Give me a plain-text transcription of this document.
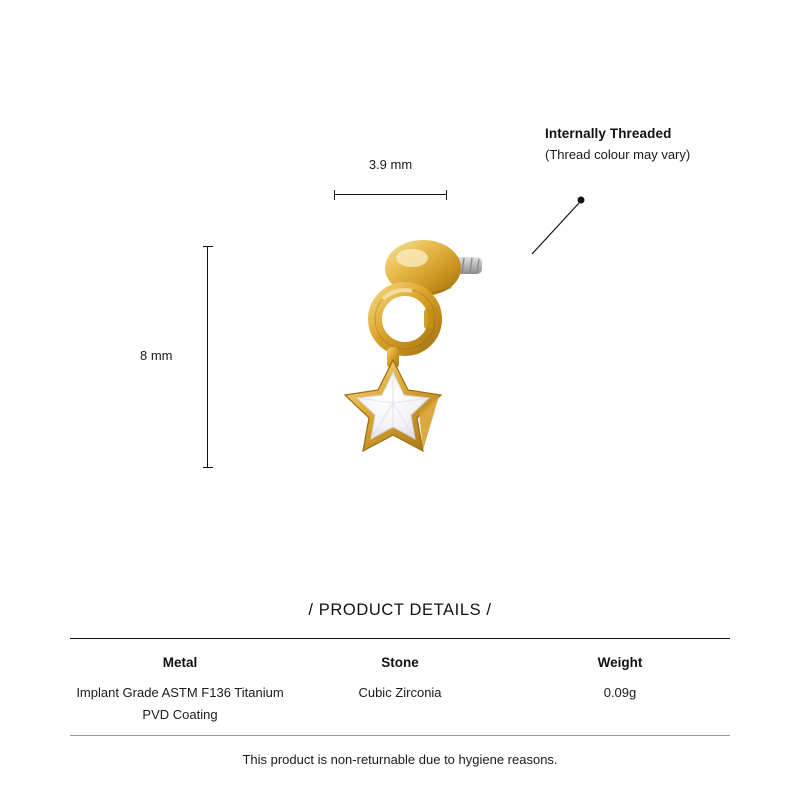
Internally Threaded
(Thread colour may vary)
3.9 mm
8 mm
/ PRODUCT DETAILS /
Metal
Implant Grade ASTM F136 Titanium PVD Coating
Stone
Cubic Zirconia
Weight
0.09g
This product is non-returnable due to hygiene reasons.
